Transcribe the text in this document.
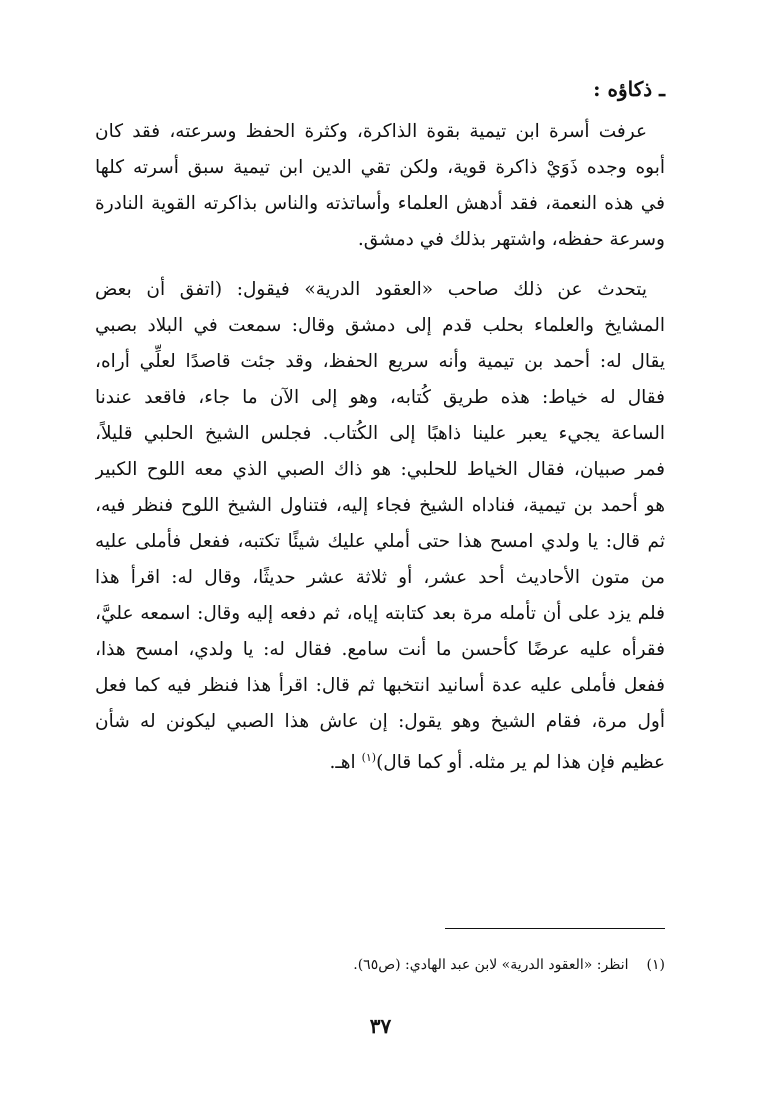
ـ ذكاؤه :
عرفت أسرة ابن تيمية بقوة الذاكرة، وكثرة الحفظ وسرعته، فقد كان
أبوه وجده ذَوَيْ ذاكرة قوية، ولكن تقي الدين ابن تيمية سبق أسرته كلها
في هذه النعمة، فقد أدهش العلماء وأساتذته والناس بذاكرته القوية النادرة
وسرعة حفظه، واشتهر بذلك في دمشق.
يتحدث عن ذلك صاحب «العقود الدرية» فيقول: (اتفق أن بعض
المشايخ والعلماء بحلب قدم إلى دمشق وقال: سمعت في البلاد بصبي
يقال له: أحمد بن تيمية وأنه سريع الحفظ، وقد جئت قاصدًا لعلِّي أراه،
فقال له خياط: هذه طريق كُتابه، وهو إلى الآن ما جاء، فاقعد عندنا
الساعة يجيء يعبر علينا ذاهبًا إلى الكُتاب. فجلس الشيخ الحلبي قليلاً،
فمر صبيان، فقال الخياط للحلبي: هو ذاك الصبي الذي معه اللوح الكبير
هو أحمد بن تيمية، فناداه الشيخ فجاء إليه، فتناول الشيخ اللوح فنظر فيه،
ثم قال: يا ولدي امسح هذا حتى أملي عليك شيئًا تكتبه، ففعل فأملى عليه
من متون الأحاديث أحد عشر، أو ثلاثة عشر حديثًا، وقال له: اقرأ هذا
فلم يزد على أن تأمله مرة بعد كتابته إياه، ثم دفعه إليه وقال: اسمعه عليَّ،
فقرأه عليه عرضًا كأحسن ما أنت سامع. فقال له: يا ولدي، امسح هذا،
ففعل فأملى عليه عدة أسانيد انتخبها ثم قال: اقرأ هذا فنظر فيه كما فعل
أول مرة، فقام الشيخ وهو يقول: إن عاش هذا الصبي ليكونن له شأن
عظيم فإن هذا لم ير مثله. أو كما قال)$^{(١)}$ اهـ.
(١)انظر: «العقود الدرية» لابن عبد الهادي: (ص٦٥).
٣٧
